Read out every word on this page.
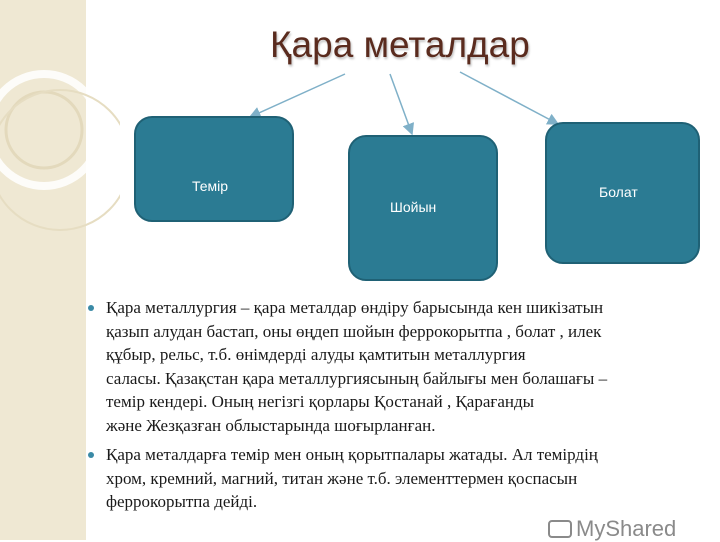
Қара металдар
Темір
Шойын
Болат
Қара металлургия – қара металдар өндіру барысында кен шикізатын
қазып алудан бастап, оны өңдеп шойын феррокорытпа , болат , илек
құбыр, рельс, т.б. өнімдерді алуды қамтитын металлургия
саласы. Қазақстан қара металлургиясының байлығы мен болашағы –
темір кендері. Оның негізгі қорлары Қостанай , Қарағанды
және Жезқазған облыстарында шоғырланған.
Қара металдарға темір мен оның қорытпалары жатады. Ал темірдің
хром, кремний, магний, титан және т.б. элементтермен қоспасын
феррокорытпа дейді.
MyShared
